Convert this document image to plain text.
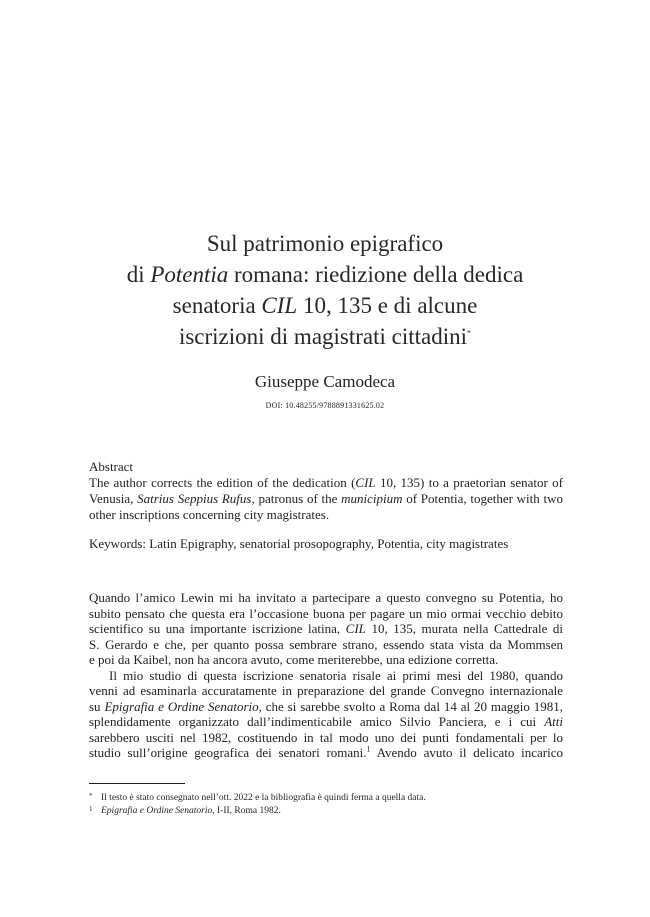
Sul patrimonio epigrafico
di Potentia romana: riedizione della dedica
senatoria CIL 10, 135 e di alcune
iscrizioni di magistrati cittadini*
Giuseppe Camodeca
DOI: 10.48255/9788891331625.02
Abstract
The author corrects the edition of the dedication (CIL 10, 135) to a praetorian senator of Venusia, Satrius Seppius Rufus, patronus of the municipium of Potentia, together with two other inscriptions concerning city magistrates.
Keywords: Latin Epigraphy, senatorial prosopography, Potentia, city magistrates

Quando l’amico Lewin mi ha invitato a partecipare a questo convegno su Potentia, ho
subito pensato che questa era l’occasione buona per pagare un mio ormai vecchio debito
scientifico su una importante iscrizione latina, CIL 10, 135, murata nella Cattedrale di
S. Gerardo e che, per quanto possa sembrare strano, essendo stata vista da Mommsen
e poi da Kaibel, non ha ancora avuto, come meriterebbe, una edizione corretta.

Il mio studio di questa iscrizione senatoria risale ai primi mesi del 1980, quando
venni ad esaminarla accuratamente in preparazione del grande Convegno internazionale
su Epigrafia e Ordine Senatorio, che si sarebbe svolto a Roma dal 14 al 20 maggio 1981,
splendidamente organizzato dall’indimenticabile amico Silvio Panciera, e i cui Atti
sarebbero usciti nel 1982, costituendo in tal modo uno dei punti fondamentali per lo
studio sull’origine geografica dei senatori romani.$^1$ Avendo avuto il delicato incarico

* Il testo è stato consegnato nell’ott. 2022 e la bibliografia è quindi ferma a quella data.
1 Epigrafia e Ordine Senatorio, I-II, Roma 1982.
